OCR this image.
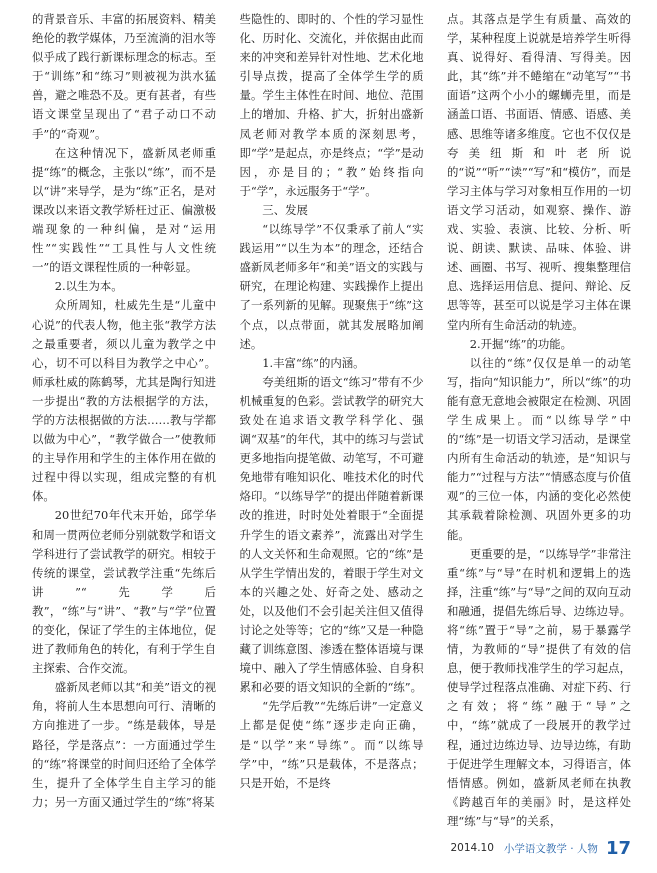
的背景音乐、丰富的拓展资料、精美绝伦的教学媒体，乃至流淌的泪水等似乎成了践行新课标理念的标志。至于“训练”和“练习”则被视为洪水猛兽，避之唯恐不及。更有甚者，有些语文课堂呈现出了“君子动口不动手”的“奇观”。

在这种情况下，盛新凤老师重提“练”的概念，主张以“练”，而不是以“讲”来导学，是为“练”正名，是对课改以来语文教学矫枉过正、偏激极端现象的一种纠偏，是对“运用性”“实践性”“工具性与人文性统一”的语文课程性质的一种彰显。

2.以生为本。

众所周知，杜威先生是“儿童中心说”的代表人物，他主张“教学方法之最重要者，须以儿童为教学之中心，切不可以科目为教学之中心”。师承杜威的陈鹤琴，尤其是陶行知进一步提出“教的方法根据学的方法，学的方法根据做的方法……教与学都以做为中心”，“教学做合一”使教师的主导作用和学生的主体作用在做的过程中得以实现，组成完整的有机体。

20世纪70年代末开始，邱学华和周一贯两位老师分别就数学和语文学科进行了尝试教学的研究。相较于传统的课堂，尝试教学注重“先练后讲”“先学后教”，“练”与“讲”、“教”与“学”位置的变化，保证了学生的主体地位，促进了教师角色的转化，有利于学生自主探索、合作交流。

盛新凤老师以其“和美”语文的视角，将前人生本思想向可行、清晰的方向推进了一步。“练是载体，导是路径，学是落点”：一方面通过学生的“练”将课堂的时间归还给了全体学生，提升了全体学生自主学习的能力；另一方面又通过学生的“练”将某

些隐性的、即时的、个性的学习显性化、历时化、交流化，并依据由此而来的冲突和差异针对性地、艺术化地引导点拨，提高了全体学生学的质量。学生主体性在时间、地位、范围上的增加、升格、扩大，折射出盛新凤老师对教学本质的深刻思考，即“学”是起点，亦是终点；“学”是动因，亦是目的；“教”始终指向于“学”，永远服务于“学”。

三、发展

“以练导学”不仅秉承了前人“实践运用”“以生为本”的理念，还结合盛新凤老师多年“和美”语文的实践与研究，在理论构建、实践操作上提出了一系列新的见解。现聚焦于“练”这个点，以点带面，就其发展略加阐述。

1.丰富“练”的内涵。

夸美纽斯的语文“练习”带有不少机械重复的色彩。尝试教学的研究大致处在追求语文教学科学化、强调“双基”的年代，其中的练习与尝试更多地指向提笔做、动笔写，不可避免地带有唯知识化、唯技术化的时代烙印。“以练导学”的提出伴随着新课改的推进，时时处处着眼于“全面提升学生的语文素养”，流露出对学生的人文关怀和生命观照。它的“练”是从学生学情出发的，着眼于学生对文本的兴趣之处、好奇之处、感动之处，以及他们不会引起关注但又值得讨论之处等等；它的“练”又是一种隐藏了训练意图、渗透在整体语境与课境中、融入了学生情感体验、自身积累和必要的语文知识的全新的“练”。

“先学后教”“先练后讲”一定意义上都是促使“练”逐步走向正确，是“以学”来“导练”。而“以练导学”中，“练”只是载体，不是落点；只是开始，不是终

点。其落点是学生有质量、高效的学，某种程度上说就是培养学生听得真、说得好、看得清、写得美。因此，其“练”并不蜷缩在“动笔写”“书面语”这两个小小的螺蛳壳里，而是涵盖口语、书面语、情感、语感、美感、思维等诸多维度。它也不仅仅是夸美纽斯和叶老所说的“说”“听”“读”“写”和“模仿”，而是学习主体与学习对象相互作用的一切语文学习活动，如观察、操作、游戏、实验、表演、比较、分析、听说、朗读、默读、品味、体验、讲述、画圈、书写、视听、搜集整理信息、选择运用信息、提问、辩论、反思等等，甚至可以说是学习主体在课堂内所有生命活动的轨迹。

2.开掘“练”的功能。

以往的“练”仅仅是单一的动笔写，指向“知识能力”，所以“练”的功能有意无意地会被限定在检测、巩固学生成果上。而“以练导学”中的“练”是一切语文学习活动，是课堂内所有生命活动的轨迹，是“知识与能力”“过程与方法”“情感态度与价值观”的三位一体，内涵的变化必然使其承载着除检测、巩固外更多的功能。

更重要的是，“以练导学”非常注重“练”与“导”在时机和逻辑上的选择，注重“练”与“导”之间的双向互动和融通，提倡先练后导、边练边导。将“练”置于“导”之前，易于暴露学情，为教师的“导”提供了有效的信息，便于教师找准学生的学习起点，使导学过程落点准确、对症下药、行之有效；将“练”融于“导”之中，“练”就成了一段展开的教学过程，通过边练边导、边导边练，有助于促进学生理解文本，习得语言，体悟情感。例如，盛新凤老师在执教《跨越百年的美丽》时，是这样处理“练”与“导”的关系，

2014.10 小学语文教学 · 人物 17
